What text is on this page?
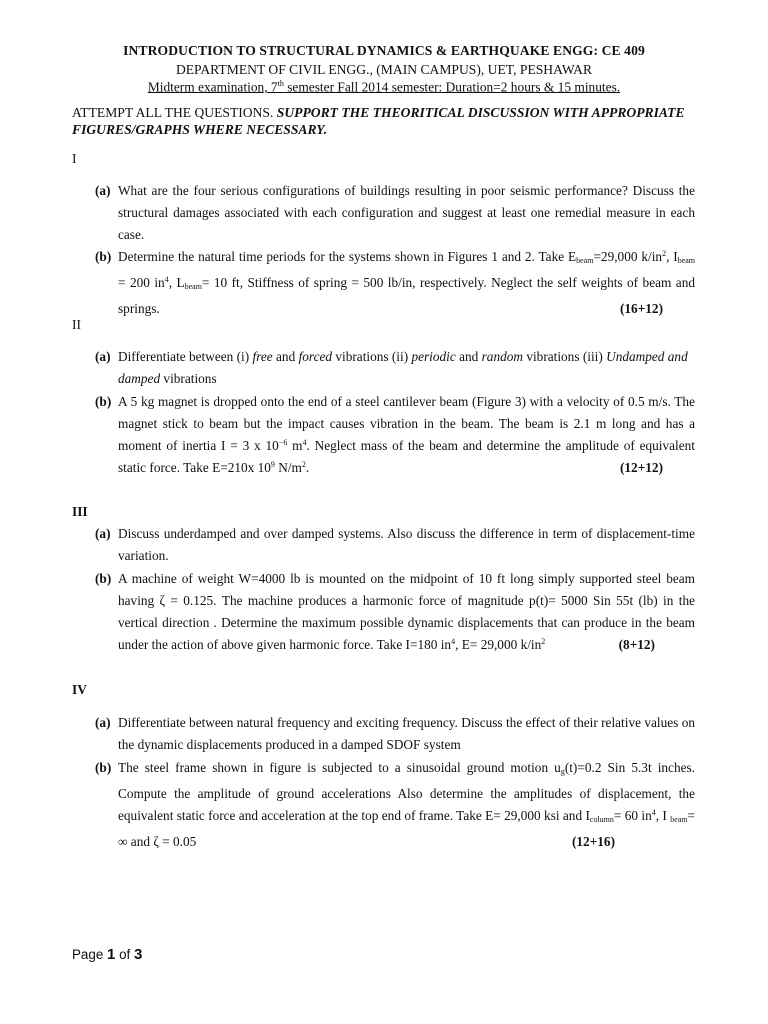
INTRODUCTION TO STRUCTURAL DYNAMICS & EARTHQUAKE ENGG: CE 409
DEPARTMENT OF CIVIL ENGG., (MAIN CAMPUS), UET, PESHAWAR
Midterm examination, 7th semester Fall 2014 semester: Duration=2 hours & 15 minutes.
ATTEMPT ALL THE QUESTIONS. SUPPORT THE THEORITICAL DISCUSSION WITH APPROPRIATE FIGURES/GRAPHS WHERE NECESSARY.
I
(a) What are the four serious configurations of buildings resulting in poor seismic performance? Discuss the structural damages associated with each configuration and suggest at least one remedial measure in each case.
(b) Determine the natural time periods for the systems shown in Figures 1 and 2. Take $E_{beam}=29,000$ $k/in^2$, $I_{beam} = 200$ $in^4$, $L_{beam}= 10$ ft, Stiffness of spring = 500 lb/in, respectively. Neglect the self weights of beam and springs.	(16+12)
II
(a) Differentiate between (i) free and forced vibrations (ii) periodic and random vibrations (iii) Undamped and damped vibrations
(b) A 5 kg magnet is dropped onto the end of a steel cantilever beam (Figure 3) with a velocity of 0.5 m/s. The magnet stick to beam but the impact causes vibration in the beam. The beam is 2.1 m long and has a moment of inertia I = 3 x $10^{-6}$ $m^4$. Neglect mass of the beam and determine the amplitude of equivalent static force. Take E=210x $10^9$ $N/m^2$.	(12+12)
III
(a) Discuss underdamped and over damped systems. Also discuss the difference in term of displacement-time variation.
(b) A machine of weight W=4000 lb is mounted on the midpoint of 10 ft long simply supported steel beam having ζ = 0.125. The machine produces a harmonic force of magnitude p(t)= 5000 Sin 55t (lb) in the vertical direction . Determine the maximum possible dynamic displacements that can produce in the beam under the action of above given harmonic force. Take I=180 $in^4$, E= 29,000 $k/in^2$	(8+12)
IV
(a) Differentiate between natural frequency and exciting frequency. Discuss the effect of their relative values on the dynamic displacements produced in a damped SDOF system
(b) The steel frame shown in figure is subjected to a sinusoidal ground motion $u_g(t)=0.2$ Sin 5.3t inches. Compute the amplitude of ground accelerations Also determine the amplitudes of displacement, the equivalent static force and acceleration at the top end of frame. Take E= 29,000 ksi and $I_{column}= 60$ $in^4$, I $_{beam}$= ∞ and ζ = 0.05	(12+16)
Page 1 of 3
